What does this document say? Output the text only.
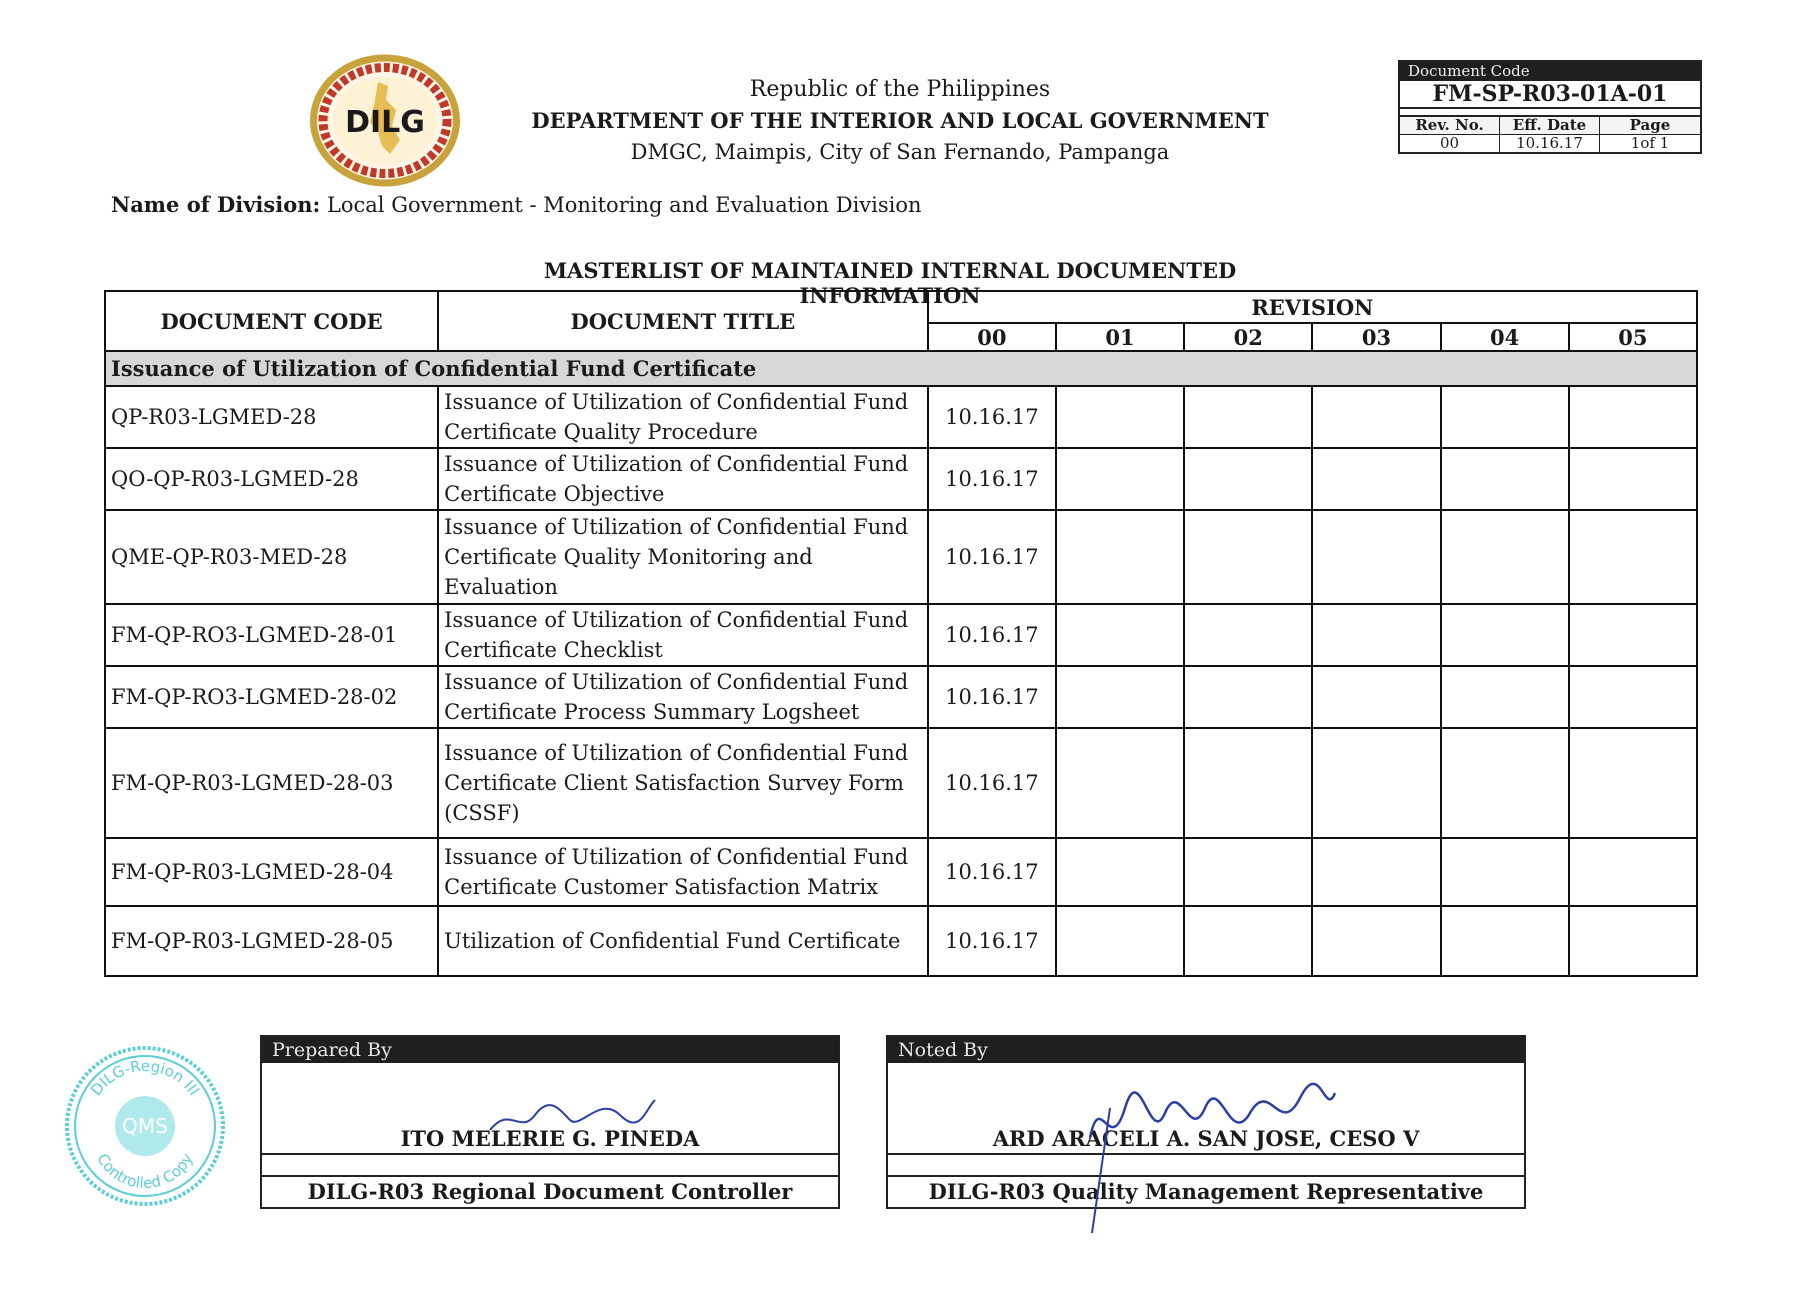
DILG
Republic of the Philippines
DEPARTMENT OF THE INTERIOR AND LOCAL GOVERNMENT
DMGC, Maimpis, City of San Fernando, Pampanga
Document Code
FM-SP-R03-01A-01
Rev. No.	Eff. Date	Page
00	10.16.17	1of 1
Name of Division: Local Government - Monitoring and Evaluation Division
MASTERLIST OF MAINTAINED INTERNAL DOCUMENTED INFORMATION
DOCUMENT CODE	DOCUMENT TITLE	REVISION					
		00	01	02	03	04	05
Issuance of Utilization of Confidential Fund Certificate							
QP-R03-LGMED-28	Issuance of Utilization of Confidential Fund Certificate Quality Procedure	10.16.17					
QO-QP-R03-LGMED-28	Issuance of Utilization of Confidential Fund Certificate Objective	10.16.17					
QME-QP-R03-MED-28	Issuance of Utilization of Confidential Fund Certificate Quality Monitoring and Evaluation	10.16.17					
FM-QP-RO3-LGMED-28-01	Issuance of Utilization of Confidential Fund Certificate Checklist	10.16.17					
FM-QP-RO3-LGMED-28-02	Issuance of Utilization of Confidential Fund Certificate Process Summary Logsheet	10.16.17					
FM-QP-R03-LGMED-28-03	Issuance of Utilization of Confidential Fund Certificate Client Satisfaction Survey Form (CSSF)	10.16.17					
FM-QP-R03-LGMED-28-04	Issuance of Utilization of Confidential Fund Certificate Customer Satisfaction Matrix	10.16.17					
FM-QP-R03-LGMED-28-05	Utilization of Confidential Fund Certificate	10.16.17					
DILG-Region III
Controlled Copy
QMS
Prepared By
ITO MELERIE G. PINEDA
DILG-R03 Regional Document Controller
Noted By
ARD ARACELI A. SAN JOSE, CESO V
DILG-R03 Quality Management Representative
